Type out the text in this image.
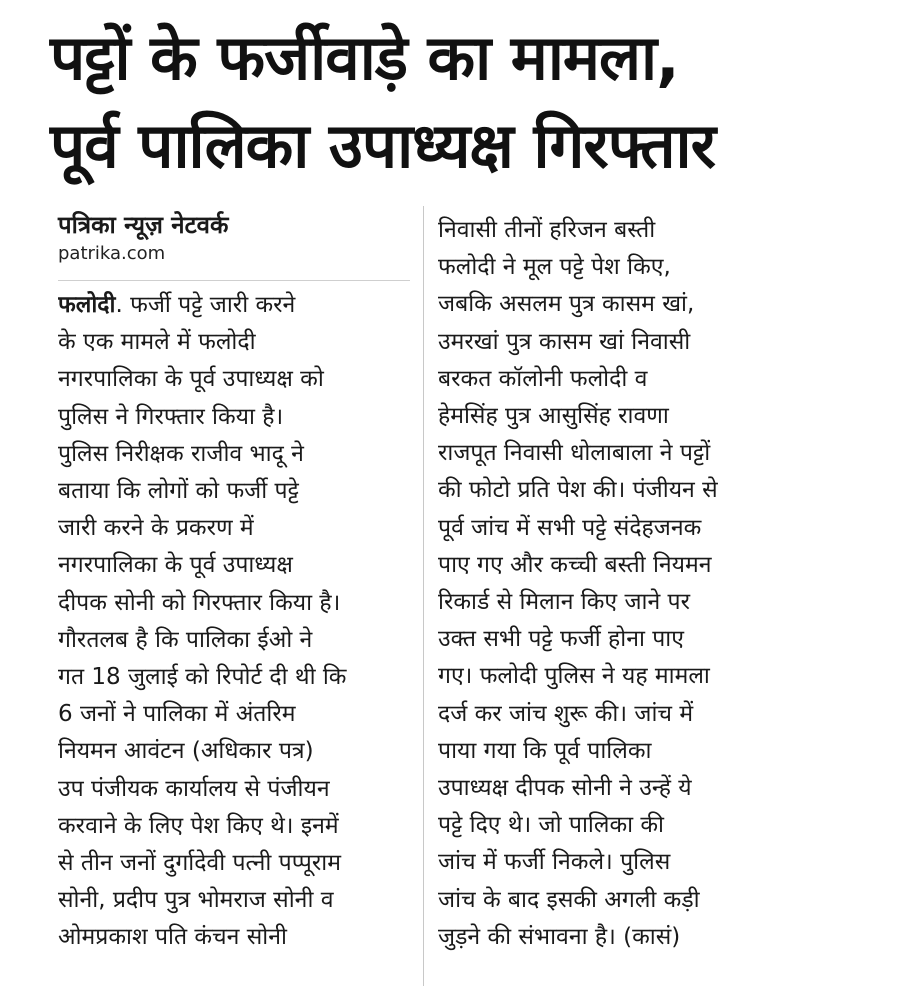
पट्टों के फर्जीवाड़े का मामला,
पूर्व पालिका उपाध्यक्ष गिरफ्तार
पत्रिका न्यूज़ नेटवर्क
patrika.com
फलोदी. फर्जी पट्टे जारी करने
के एक मामले में फलोदी
नगरपालिका के पूर्व उपाध्यक्ष को
पुलिस ने गिरफ्तार किया है।
पुलिस निरीक्षक राजीव भादू ने
बताया कि लोगों को फर्जी पट्टे
जारी करने के प्रकरण में
नगरपालिका के पूर्व उपाध्यक्ष
दीपक सोनी को गिरफ्तार किया है।
गौरतलब है कि पालिका ईओ ने
गत 18 जुलाई को रिपोर्ट दी थी कि
6 जनों ने पालिका में अंतरिम
नियमन आवंटन (अधिकार पत्र)
उप पंजीयक कार्यालय से पंजीयन
करवाने के लिए पेश किए थे। इनमें
से तीन जनों दुर्गादेवी पत्नी पप्पूराम
सोनी, प्रदीप पुत्र भोमराज सोनी व
ओमप्रकाश पति कंचन सोनी
निवासी तीनों हरिजन बस्ती
फलोदी ने मूल पट्टे पेश किए,
जबकि असलम पुत्र कासम खां,
उमरखां पुत्र कासम खां निवासी
बरकत कॉलोनी फलोदी व
हेमसिंह पुत्र आसुसिंह रावणा
राजपूत निवासी धोलाबाला ने पट्टों
की फोटो प्रति पेश की। पंजीयन से
पूर्व जांच में सभी पट्टे संदेहजनक
पाए गए और कच्ची बस्ती नियमन
रिकार्ड से मिलान किए जाने पर
उक्त सभी पट्टे फर्जी होना पाए
गए। फलोदी पुलिस ने यह मामला
दर्ज कर जांच शुरू की। जांच में
पाया गया कि पूर्व पालिका
उपाध्यक्ष दीपक सोनी ने उन्हें ये
पट्टे दिए थे। जो पालिका की
जांच में फर्जी निकले। पुलिस
जांच के बाद इसकी अगली कड़ी
जुड़ने की संभावना है। (कासं)
